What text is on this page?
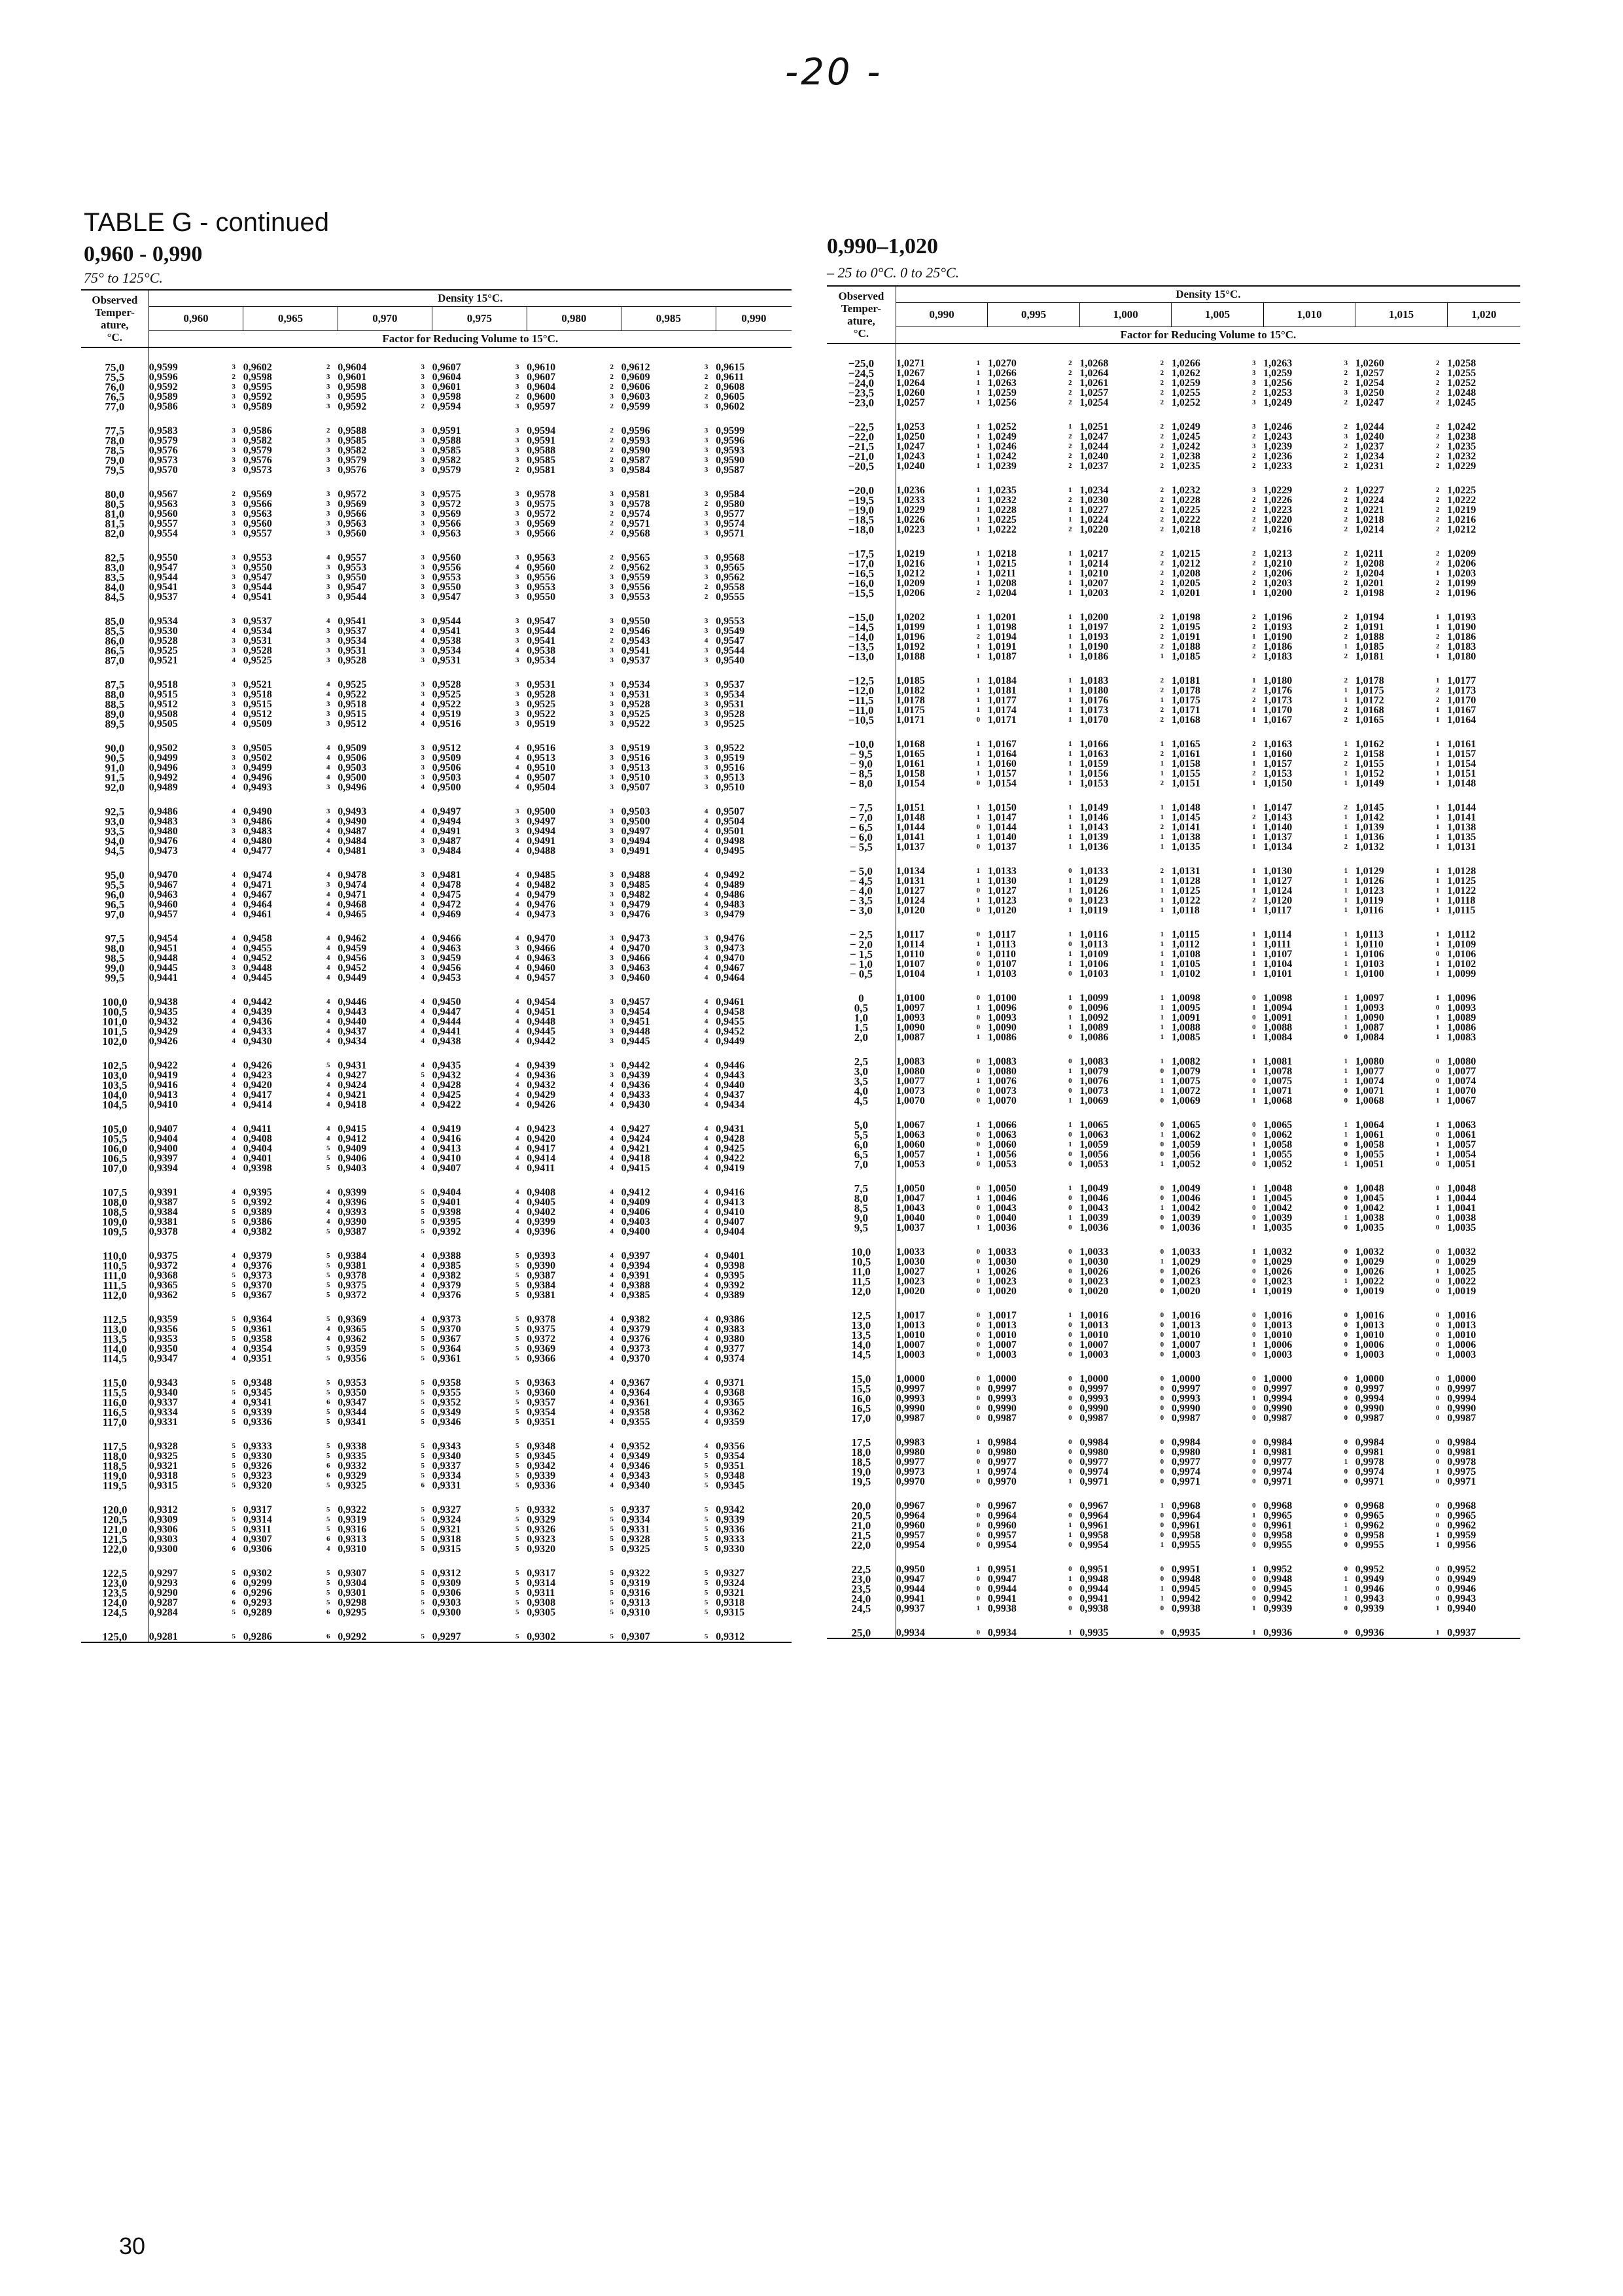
-20 -
TABLE G - continued
0,960 - 0,990
75° to 125°C.
0,990–1,020
– 25 to 0°C. 0 to 25°C.
Observed
Temper-
ature,
°C.	Density 15°C.												
	0,960		0,965		0,970		0,975		0,980		0,985		0,990
	Factor for Reducing Volume to 15°C.												

75,0	0,9599	3	0,9602	2	0,9604	3	0,9607	3	0,9610	2	0,9612	3	0,9615
75,5	0,9596	2	0,9598	3	0,9601	3	0,9604	3	0,9607	2	0,9609	2	0,9611
76,0	0,9592	3	0,9595	3	0,9598	3	0,9601	3	0,9604	2	0,9606	2	0,9608
76,5	0,9589	3	0,9592	3	0,9595	3	0,9598	2	0,9600	3	0,9603	2	0,9605
77,0	0,9586	3	0,9589	3	0,9592	2	0,9594	3	0,9597	2	0,9599	3	0,9602

77,5	0,9583	3	0,9586	2	0,9588	3	0,9591	3	0,9594	2	0,9596	3	0,9599
78,0	0,9579	3	0,9582	3	0,9585	3	0,9588	3	0,9591	2	0,9593	3	0,9596
78,5	0,9576	3	0,9579	3	0,9582	3	0,9585	3	0,9588	2	0,9590	3	0,9593
79,0	0,9573	3	0,9576	3	0,9579	3	0,9582	3	0,9585	2	0,9587	3	0,9590
79,5	0,9570	3	0,9573	3	0,9576	3	0,9579	2	0,9581	3	0,9584	3	0,9587

80,0	0,9567	2	0,9569	3	0,9572	3	0,9575	3	0,9578	3	0,9581	3	0,9584
80,5	0,9563	3	0,9566	3	0,9569	3	0,9572	3	0,9575	3	0,9578	2	0,9580
81,0	0,9560	3	0,9563	3	0,9566	3	0,9569	3	0,9572	2	0,9574	3	0,9577
81,5	0,9557	3	0,9560	3	0,9563	3	0,9566	3	0,9569	2	0,9571	3	0,9574
82,0	0,9554	3	0,9557	3	0,9560	3	0,9563	3	0,9566	2	0,9568	3	0,9571

82,5	0,9550	3	0,9553	4	0,9557	3	0,9560	3	0,9563	2	0,9565	3	0,9568
83,0	0,9547	3	0,9550	3	0,9553	3	0,9556	4	0,9560	2	0,9562	3	0,9565
83,5	0,9544	3	0,9547	3	0,9550	3	0,9553	3	0,9556	3	0,9559	3	0,9562
84,0	0,9541	3	0,9544	3	0,9547	3	0,9550	3	0,9553	3	0,9556	2	0,9558
84,5	0,9537	4	0,9541	3	0,9544	3	0,9547	3	0,9550	3	0,9553	2	0,9555

85,0	0,9534	3	0,9537	4	0,9541	3	0,9544	3	0,9547	3	0,9550	3	0,9553
85,5	0,9530	4	0,9534	3	0,9537	4	0,9541	3	0,9544	2	0,9546	3	0,9549
86,0	0,9528	3	0,9531	3	0,9534	4	0,9538	3	0,9541	2	0,9543	4	0,9547
86,5	0,9525	3	0,9528	3	0,9531	3	0,9534	4	0,9538	3	0,9541	3	0,9544
87,0	0,9521	4	0,9525	3	0,9528	3	0,9531	3	0,9534	3	0,9537	3	0,9540

87,5	0,9518	3	0,9521	4	0,9525	3	0,9528	3	0,9531	3	0,9534	3	0,9537
88,0	0,9515	3	0,9518	4	0,9522	3	0,9525	3	0,9528	3	0,9531	3	0,9534
88,5	0,9512	3	0,9515	3	0,9518	4	0,9522	3	0,9525	3	0,9528	3	0,9531
89,0	0,9508	4	0,9512	3	0,9515	4	0,9519	3	0,9522	3	0,9525	3	0,9528
89,5	0,9505	4	0,9509	3	0,9512	4	0,9516	3	0,9519	3	0,9522	3	0,9525

90,0	0,9502	3	0,9505	4	0,9509	3	0,9512	4	0,9516	3	0,9519	3	0,9522
90,5	0,9499	3	0,9502	4	0,9506	3	0,9509	4	0,9513	3	0,9516	3	0,9519
91,0	0,9496	3	0,9499	4	0,9503	3	0,9506	4	0,9510	3	0,9513	3	0,9516
91,5	0,9492	4	0,9496	4	0,9500	3	0,9503	4	0,9507	3	0,9510	3	0,9513
92,0	0,9489	4	0,9493	3	0,9496	4	0,9500	4	0,9504	3	0,9507	3	0,9510

92,5	0,9486	4	0,9490	3	0,9493	4	0,9497	3	0,9500	3	0,9503	4	0,9507
93,0	0,9483	3	0,9486	4	0,9490	4	0,9494	3	0,9497	3	0,9500	4	0,9504
93,5	0,9480	3	0,9483	4	0,9487	4	0,9491	3	0,9494	3	0,9497	4	0,9501
94,0	0,9476	4	0,9480	4	0,9484	3	0,9487	4	0,9491	3	0,9494	4	0,9498
94,5	0,9473	4	0,9477	4	0,9481	3	0,9484	4	0,9488	3	0,9491	4	0,9495

95,0	0,9470	4	0,9474	4	0,9478	3	0,9481	4	0,9485	3	0,9488	4	0,9492
95,5	0,9467	4	0,9471	3	0,9474	4	0,9478	4	0,9482	3	0,9485	4	0,9489
96,0	0,9463	4	0,9467	4	0,9471	4	0,9475	4	0,9479	3	0,9482	4	0,9486
96,5	0,9460	4	0,9464	4	0,9468	4	0,9472	4	0,9476	3	0,9479	4	0,9483
97,0	0,9457	4	0,9461	4	0,9465	4	0,9469	4	0,9473	3	0,9476	3	0,9479

97,5	0,9454	4	0,9458	4	0,9462	4	0,9466	4	0,9470	3	0,9473	3	0,9476
98,0	0,9451	4	0,9455	4	0,9459	4	0,9463	3	0,9466	4	0,9470	3	0,9473
98,5	0,9448	4	0,9452	4	0,9456	3	0,9459	4	0,9463	3	0,9466	4	0,9470
99,0	0,9445	3	0,9448	4	0,9452	4	0,9456	4	0,9460	3	0,9463	4	0,9467
99,5	0,9441	4	0,9445	4	0,9449	4	0,9453	4	0,9457	3	0,9460	4	0,9464

100,0	0,9438	4	0,9442	4	0,9446	4	0,9450	4	0,9454	3	0,9457	4	0,9461
100,5	0,9435	4	0,9439	4	0,9443	4	0,9447	4	0,9451	3	0,9454	4	0,9458
101,0	0,9432	4	0,9436	4	0,9440	4	0,9444	4	0,9448	3	0,9451	4	0,9455
101,5	0,9429	4	0,9433	4	0,9437	4	0,9441	4	0,9445	3	0,9448	4	0,9452
102,0	0,9426	4	0,9430	4	0,9434	4	0,9438	4	0,9442	3	0,9445	4	0,9449

102,5	0,9422	4	0,9426	5	0,9431	4	0,9435	4	0,9439	3	0,9442	4	0,9446
103,0	0,9419	4	0,9423	4	0,9427	5	0,9432	4	0,9436	3	0,9439	4	0,9443
103,5	0,9416	4	0,9420	4	0,9424	4	0,9428	4	0,9432	4	0,9436	4	0,9440
104,0	0,9413	4	0,9417	4	0,9421	4	0,9425	4	0,9429	4	0,9433	4	0,9437
104,5	0,9410	4	0,9414	4	0,9418	4	0,9422	4	0,9426	4	0,9430	4	0,9434

105,0	0,9407	4	0,9411	4	0,9415	4	0,9419	4	0,9423	4	0,9427	4	0,9431
105,5	0,9404	4	0,9408	4	0,9412	4	0,9416	4	0,9420	4	0,9424	4	0,9428
106,0	0,9400	4	0,9404	5	0,9409	4	0,9413	4	0,9417	4	0,9421	4	0,9425
106,5	0,9397	4	0,9401	5	0,9406	4	0,9410	4	0,9414	4	0,9418	4	0,9422
107,0	0,9394	4	0,9398	5	0,9403	4	0,9407	4	0,9411	4	0,9415	4	0,9419

107,5	0,9391	4	0,9395	4	0,9399	5	0,9404	4	0,9408	4	0,9412	4	0,9416
108,0	0,9387	5	0,9392	4	0,9396	5	0,9401	4	0,9405	4	0,9409	4	0,9413
108,5	0,9384	5	0,9389	4	0,9393	5	0,9398	4	0,9402	4	0,9406	4	0,9410
109,0	0,9381	5	0,9386	4	0,9390	5	0,9395	4	0,9399	4	0,9403	4	0,9407
109,5	0,9378	4	0,9382	5	0,9387	5	0,9392	4	0,9396	4	0,9400	4	0,9404

110,0	0,9375	4	0,9379	5	0,9384	4	0,9388	5	0,9393	4	0,9397	4	0,9401
110,5	0,9372	4	0,9376	5	0,9381	4	0,9385	5	0,9390	4	0,9394	4	0,9398
111,0	0,9368	5	0,9373	5	0,9378	4	0,9382	5	0,9387	4	0,9391	4	0,9395
111,5	0,9365	5	0,9370	5	0,9375	4	0,9379	5	0,9384	4	0,9388	4	0,9392
112,0	0,9362	5	0,9367	5	0,9372	4	0,9376	5	0,9381	4	0,9385	4	0,9389

112,5	0,9359	5	0,9364	5	0,9369	4	0,9373	5	0,9378	4	0,9382	4	0,9386
113,0	0,9356	5	0,9361	4	0,9365	5	0,9370	5	0,9375	4	0,9379	4	0,9383
113,5	0,9353	5	0,9358	4	0,9362	5	0,9367	5	0,9372	4	0,9376	4	0,9380
114,0	0,9350	4	0,9354	5	0,9359	5	0,9364	5	0,9369	4	0,9373	4	0,9377
114,5	0,9347	4	0,9351	5	0,9356	5	0,9361	5	0,9366	4	0,9370	4	0,9374

115,0	0,9343	5	0,9348	5	0,9353	5	0,9358	5	0,9363	4	0,9367	4	0,9371
115,5	0,9340	5	0,9345	5	0,9350	5	0,9355	5	0,9360	4	0,9364	4	0,9368
116,0	0,9337	4	0,9341	6	0,9347	5	0,9352	5	0,9357	4	0,9361	4	0,9365
116,5	0,9334	5	0,9339	5	0,9344	5	0,9349	5	0,9354	4	0,9358	4	0,9362
117,0	0,9331	5	0,9336	5	0,9341	5	0,9346	5	0,9351	4	0,9355	4	0,9359

117,5	0,9328	5	0,9333	5	0,9338	5	0,9343	5	0,9348	4	0,9352	4	0,9356
118,0	0,9325	5	0,9330	5	0,9335	5	0,9340	5	0,9345	4	0,9349	5	0,9354
118,5	0,9321	5	0,9326	6	0,9332	5	0,9337	5	0,9342	4	0,9346	5	0,9351
119,0	0,9318	5	0,9323	6	0,9329	5	0,9334	5	0,9339	4	0,9343	5	0,9348
119,5	0,9315	5	0,9320	5	0,9325	6	0,9331	5	0,9336	4	0,9340	5	0,9345

120,0	0,9312	5	0,9317	5	0,9322	5	0,9327	5	0,9332	5	0,9337	5	0,9342
120,5	0,9309	5	0,9314	5	0,9319	5	0,9324	5	0,9329	5	0,9334	5	0,9339
121,0	0,9306	5	0,9311	5	0,9316	5	0,9321	5	0,9326	5	0,9331	5	0,9336
121,5	0,9303	4	0,9307	6	0,9313	5	0,9318	5	0,9323	5	0,9328	5	0,9333
122,0	0,9300	6	0,9306	4	0,9310	5	0,9315	5	0,9320	5	0,9325	5	0,9330

122,5	0,9297	5	0,9302	5	0,9307	5	0,9312	5	0,9317	5	0,9322	5	0,9327
123,0	0,9293	6	0,9299	5	0,9304	5	0,9309	5	0,9314	5	0,9319	5	0,9324
123,5	0,9290	6	0,9296	5	0,9301	5	0,9306	5	0,9311	5	0,9316	5	0,9321
124,0	0,9287	6	0,9293	5	0,9298	5	0,9303	5	0,9308	5	0,9313	5	0,9318
124,5	0,9284	5	0,9289	6	0,9295	5	0,9300	5	0,9305	5	0,9310	5	0,9315

125,0	0,9281	5	0,9286	6	0,9292	5	0,9297	5	0,9302	5	0,9307	5	0,9312
Observed
Temper-
ature,
°C.	Density 15°C.												
	0,990		0,995		1,000		1,005		1,010		1,015		1,020
	Factor for Reducing Volume to 15°C.												

−25,0	1,0271	1	1,0270	2	1,0268	2	1,0266	3	1,0263	3	1,0260	2	1,0258
−24,5	1,0267	1	1,0266	2	1,0264	2	1,0262	3	1,0259	2	1,0257	2	1,0255
−24,0	1,0264	1	1,0263	2	1,0261	2	1,0259	3	1,0256	2	1,0254	2	1,0252
−23,5	1,0260	1	1,0259	2	1,0257	2	1,0255	2	1,0253	3	1,0250	2	1,0248
−23,0	1,0257	1	1,0256	2	1,0254	2	1,0252	3	1,0249	2	1,0247	2	1,0245

−22,5	1,0253	1	1,0252	1	1,0251	2	1,0249	3	1,0246	2	1,0244	2	1,0242
−22,0	1,0250	1	1,0249	2	1,0247	2	1,0245	2	1,0243	3	1,0240	2	1,0238
−21,5	1,0247	1	1,0246	2	1,0244	2	1,0242	3	1,0239	2	1,0237	2	1,0235
−21,0	1,0243	1	1,0242	2	1,0240	2	1,0238	2	1,0236	2	1,0234	2	1,0232
−20,5	1,0240	1	1,0239	2	1,0237	2	1,0235	2	1,0233	2	1,0231	2	1,0229

−20,0	1,0236	1	1,0235	1	1,0234	2	1,0232	3	1,0229	2	1,0227	2	1,0225
−19,5	1,0233	1	1,0232	2	1,0230	2	1,0228	2	1,0226	2	1,0224	2	1,0222
−19,0	1,0229	1	1,0228	1	1,0227	2	1,0225	2	1,0223	2	1,0221	2	1,0219
−18,5	1,0226	1	1,0225	1	1,0224	2	1,0222	2	1,0220	2	1,0218	2	1,0216
−18,0	1,0223	1	1,0222	2	1,0220	2	1,0218	2	1,0216	2	1,0214	2	1,0212

−17,5	1,0219	1	1,0218	1	1,0217	2	1,0215	2	1,0213	2	1,0211	2	1,0209
−17,0	1,0216	1	1,0215	1	1,0214	2	1,0212	2	1,0210	2	1,0208	2	1,0206
−16,5	1,0212	1	1,0211	1	1,0210	2	1,0208	2	1,0206	2	1,0204	1	1,0203
−16,0	1,0209	1	1,0208	1	1,0207	2	1,0205	2	1,0203	2	1,0201	2	1,0199
−15,5	1,0206	2	1,0204	1	1,0203	2	1,0201	1	1,0200	2	1,0198	2	1,0196

−15,0	1,0202	1	1,0201	1	1,0200	2	1,0198	2	1,0196	2	1,0194	1	1,0193
−14,5	1,0199	1	1,0198	1	1,0197	2	1,0195	2	1,0193	2	1,0191	1	1,0190
−14,0	1,0196	2	1,0194	1	1,0193	2	1,0191	1	1,0190	2	1,0188	2	1,0186
−13,5	1,0192	1	1,0191	1	1,0190	2	1,0188	2	1,0186	1	1,0185	2	1,0183
−13,0	1,0188	1	1,0187	1	1,0186	1	1,0185	2	1,0183	2	1,0181	1	1,0180

−12,5	1,0185	1	1,0184	1	1,0183	2	1,0181	1	1,0180	2	1,0178	1	1,0177
−12,0	1,0182	1	1,0181	1	1,0180	2	1,0178	2	1,0176	1	1,0175	2	1,0173
−11,5	1,0178	1	1,0177	1	1,0176	1	1,0175	2	1,0173	1	1,0172	2	1,0170
−11,0	1,0175	1	1,0174	1	1,0173	2	1,0171	1	1,0170	2	1,0168	1	1,0167
−10,5	1,0171	0	1,0171	1	1,0170	2	1,0168	1	1,0167	2	1,0165	1	1,0164

−10,0	1,0168	1	1,0167	1	1,0166	1	1,0165	2	1,0163	1	1,0162	1	1,0161
− 9,5	1,0165	1	1,0164	1	1,0163	2	1,0161	1	1,0160	2	1,0158	1	1,0157
− 9,0	1,0161	1	1,0160	1	1,0159	1	1,0158	1	1,0157	2	1,0155	1	1,0154
− 8,5	1,0158	1	1,0157	1	1,0156	1	1,0155	2	1,0153	1	1,0152	1	1,0151
− 8,0	1,0154	0	1,0154	1	1,0153	2	1,0151	1	1,0150	1	1,0149	1	1,0148

− 7,5	1,0151	1	1,0150	1	1,0149	1	1,0148	1	1,0147	2	1,0145	1	1,0144
− 7,0	1,0148	1	1,0147	1	1,0146	1	1,0145	2	1,0143	1	1,0142	1	1,0141
− 6,5	1,0144	0	1,0144	1	1,0143	2	1,0141	1	1,0140	1	1,0139	1	1,0138
− 6,0	1,0141	1	1,0140	1	1,0139	1	1,0138	1	1,0137	1	1,0136	1	1,0135
− 5,5	1,0137	0	1,0137	1	1,0136	1	1,0135	1	1,0134	2	1,0132	1	1,0131

− 5,0	1,0134	1	1,0133	0	1,0133	2	1,0131	1	1,0130	1	1,0129	1	1,0128
− 4,5	1,0131	1	1,0130	1	1,0129	1	1,0128	1	1,0127	1	1,0126	1	1,0125
− 4,0	1,0127	0	1,0127	1	1,0126	1	1,0125	1	1,0124	1	1,0123	1	1,0122
− 3,5	1,0124	1	1,0123	0	1,0123	1	1,0122	2	1,0120	1	1,0119	1	1,0118
− 3,0	1,0120	0	1,0120	1	1,0119	1	1,0118	1	1,0117	1	1,0116	1	1,0115

− 2,5	1,0117	0	1,0117	1	1,0116	1	1,0115	1	1,0114	1	1,0113	1	1,0112
− 2,0	1,0114	1	1,0113	0	1,0113	1	1,0112	1	1,0111	1	1,0110	1	1,0109
− 1,5	1,0110	0	1,0110	1	1,0109	1	1,0108	1	1,0107	1	1,0106	0	1,0106
− 1,0	1,0107	0	1,0107	1	1,0106	1	1,0105	1	1,0104	1	1,0103	1	1,0102
− 0,5	1,0104	1	1,0103	0	1,0103	1	1,0102	1	1,0101	1	1,0100	1	1,0099

0	1,0100	0	1,0100	1	1,0099	1	1,0098	0	1,0098	1	1,0097	1	1,0096
0,5	1,0097	1	1,0096	0	1,0096	1	1,0095	1	1,0094	1	1,0093	0	1,0093
1,0	1,0093	0	1,0093	1	1,0092	1	1,0091	0	1,0091	1	1,0090	1	1,0089
1,5	1,0090	0	1,0090	1	1,0089	1	1,0088	0	1,0088	1	1,0087	1	1,0086
2,0	1,0087	1	1,0086	0	1,0086	1	1,0085	1	1,0084	0	1,0084	1	1,0083

2,5	1,0083	0	1,0083	0	1,0083	1	1,0082	1	1,0081	1	1,0080	0	1,0080
3,0	1,0080	0	1,0080	1	1,0079	0	1,0079	1	1,0078	1	1,0077	0	1,0077
3,5	1,0077	1	1,0076	0	1,0076	1	1,0075	0	1,0075	1	1,0074	0	1,0074
4,0	1,0073	0	1,0073	0	1,0073	1	1,0072	1	1,0071	0	1,0071	1	1,0070
4,5	1,0070	0	1,0070	1	1,0069	0	1,0069	1	1,0068	0	1,0068	1	1,0067

5,0	1,0067	1	1,0066	1	1,0065	0	1,0065	0	1,0065	1	1,0064	1	1,0063
5,5	1,0063	0	1,0063	0	1,0063	1	1,0062	0	1,0062	1	1,0061	0	1,0061
6,0	1,0060	0	1,0060	1	1,0059	0	1,0059	1	1,0058	0	1,0058	1	1,0057
6,5	1,0057	1	1,0056	0	1,0056	0	1,0056	1	1,0055	0	1,0055	1	1,0054
7,0	1,0053	0	1,0053	0	1,0053	1	1,0052	0	1,0052	1	1,0051	0	1,0051

7,5	1,0050	0	1,0050	1	1,0049	0	1,0049	1	1,0048	0	1,0048	0	1,0048
8,0	1,0047	1	1,0046	0	1,0046	0	1,0046	1	1,0045	0	1,0045	1	1,0044
8,5	1,0043	0	1,0043	0	1,0043	1	1,0042	0	1,0042	0	1,0042	1	1,0041
9,0	1,0040	0	1,0040	1	1,0039	0	1,0039	0	1,0039	1	1,0038	0	1,0038
9,5	1,0037	1	1,0036	0	1,0036	0	1,0036	1	1,0035	0	1,0035	0	1,0035

10,0	1,0033	0	1,0033	0	1,0033	0	1,0033	1	1,0032	0	1,0032	0	1,0032
10,5	1,0030	0	1,0030	0	1,0030	1	1,0029	0	1,0029	0	1,0029	0	1,0029
11,0	1,0027	1	1,0026	0	1,0026	0	1,0026	0	1,0026	0	1,0026	1	1,0025
11,5	1,0023	0	1,0023	0	1,0023	0	1,0023	0	1,0023	1	1,0022	0	1,0022
12,0	1,0020	0	1,0020	0	1,0020	0	1,0020	1	1,0019	0	1,0019	0	1,0019

12,5	1,0017	0	1,0017	1	1,0016	0	1,0016	0	1,0016	0	1,0016	0	1,0016
13,0	1,0013	0	1,0013	0	1,0013	0	1,0013	0	1,0013	0	1,0013	0	1,0013
13,5	1,0010	0	1,0010	0	1,0010	0	1,0010	0	1,0010	0	1,0010	0	1,0010
14,0	1,0007	0	1,0007	0	1,0007	0	1,0007	1	1,0006	0	1,0006	0	1,0006
14,5	1,0003	0	1,0003	0	1,0003	0	1,0003	0	1,0003	0	1,0003	0	1,0003

15,0	1,0000	0	1,0000	0	1,0000	0	1,0000	0	1,0000	0	1,0000	0	1,0000
15,5	0,9997	0	0,9997	0	0,9997	0	0,9997	0	0,9997	0	0,9997	0	0,9997
16,0	0,9993	0	0,9993	0	0,9993	0	0,9993	1	0,9994	0	0,9994	0	0,9994
16,5	0,9990	0	0,9990	0	0,9990	0	0,9990	0	0,9990	0	0,9990	0	0,9990
17,0	0,9987	0	0,9987	0	0,9987	0	0,9987	0	0,9987	0	0,9987	0	0,9987

17,5	0,9983	1	0,9984	0	0,9984	0	0,9984	0	0,9984	0	0,9984	0	0,9984
18,0	0,9980	0	0,9980	0	0,9980	0	0,9980	1	0,9981	0	0,9981	0	0,9981
18,5	0,9977	0	0,9977	0	0,9977	0	0,9977	0	0,9977	1	0,9978	0	0,9978
19,0	0,9973	1	0,9974	0	0,9974	0	0,9974	0	0,9974	0	0,9974	1	0,9975
19,5	0,9970	0	0,9970	1	0,9971	0	0,9971	0	0,9971	0	0,9971	0	0,9971

20,0	0,9967	0	0,9967	0	0,9967	1	0,9968	0	0,9968	0	0,9968	0	0,9968
20,5	0,9964	0	0,9964	0	0,9964	0	0,9964	1	0,9965	0	0,9965	0	0,9965
21,0	0,9960	0	0,9960	1	0,9961	0	0,9961	0	0,9961	1	0,9962	0	0,9962
21,5	0,9957	0	0,9957	1	0,9958	0	0,9958	0	0,9958	0	0,9958	1	0,9959
22,0	0,9954	0	0,9954	0	0,9954	1	0,9955	0	0,9955	0	0,9955	1	0,9956

22,5	0,9950	1	0,9951	0	0,9951	0	0,9951	1	0,9952	0	0,9952	0	0,9952
23,0	0,9947	0	0,9947	1	0,9948	0	0,9948	0	0,9948	1	0,9949	0	0,9949
23,5	0,9944	0	0,9944	0	0,9944	1	0,9945	0	0,9945	1	0,9946	0	0,9946
24,0	0,9941	0	0,9941	0	0,9941	1	0,9942	0	0,9942	1	0,9943	0	0,9943
24,5	0,9937	1	0,9938	0	0,9938	0	0,9938	1	0,9939	0	0,9939	1	0,9940

25,0	0,9934	0	0,9934	1	0,9935	0	0,9935	1	0,9936	0	0,9936	1	0,9937
30
